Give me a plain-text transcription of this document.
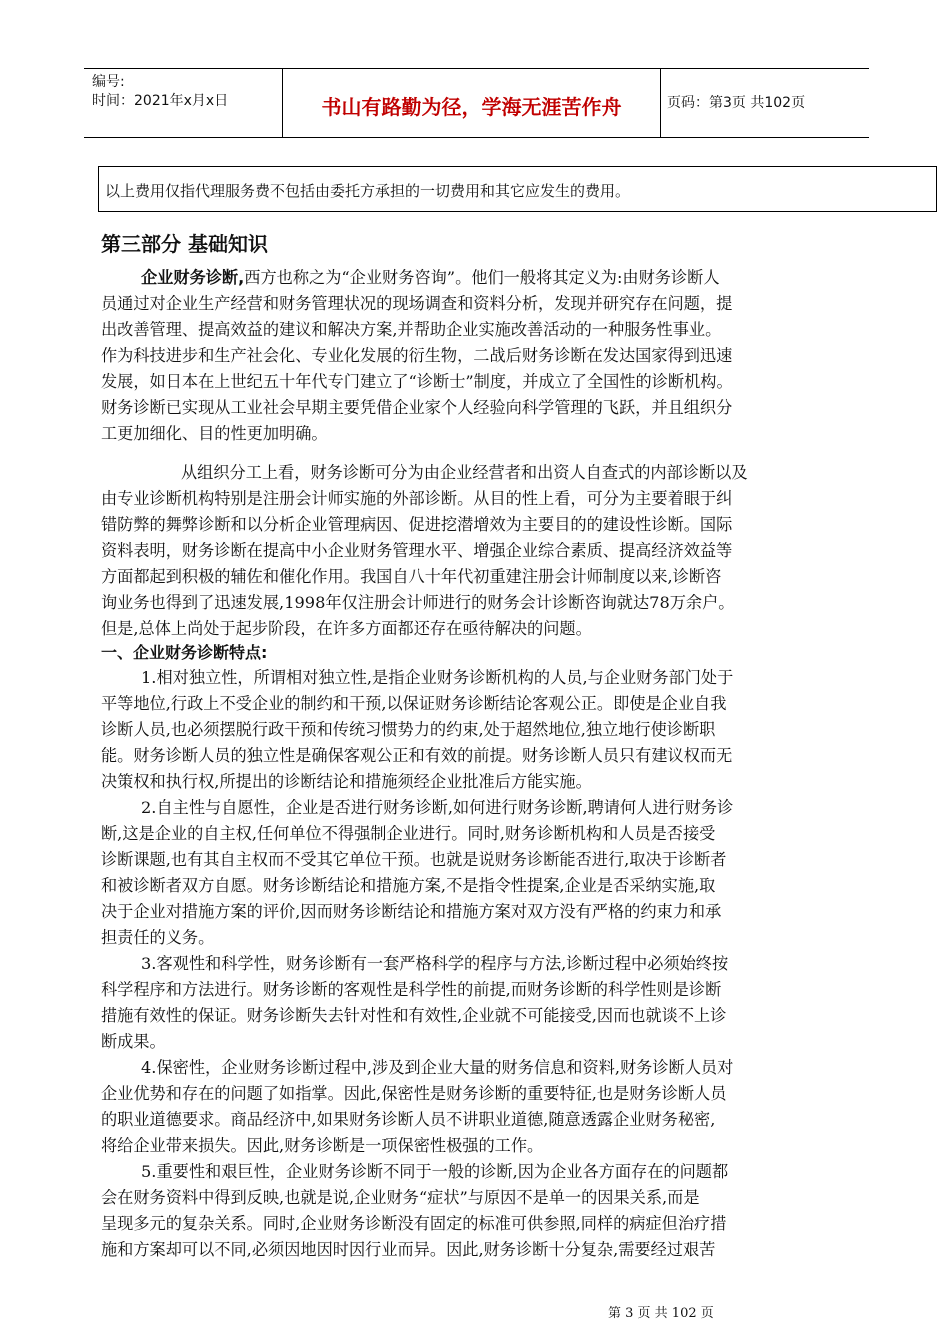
编号:
时间：2021年x月x日	书山有路勤为径，学海无涯苦作舟	页码：第3页 共102页
以上费用仅指代理服务费不包括由委托方承担的一切费用和其它应发生的费用。
第三部分 基础知识
企业财务诊断,西方也称之为“企业财务咨询”。他们一般将其定义为:由财务诊断人
员通过对企业生产经营和财务管理状况的现场调查和资料分析，发现并研究存在问题，提
出改善管理、提高效益的建议和解决方案,并帮助企业实施改善活动的一种服务性事业。
作为科技进步和生产社会化、专业化发展的衍生物，二战后财务诊断在发达国家得到迅速
发展，如日本在上世纪五十年代专门建立了“诊断士”制度，并成立了全国性的诊断机构。
财务诊断已实现从工业社会早期主要凭借企业家个人经验向科学管理的飞跃，并且组织分
工更加细化、目的性更加明确。
从组织分工上看，财务诊断可分为由企业经营者和出资人自查式的内部诊断以及
由专业诊断机构特别是注册会计师实施的外部诊断。从目的性上看，可分为主要着眼于纠
错防弊的舞弊诊断和以分析企业管理病因、促进挖潜增效为主要目的的建设性诊断。国际
资料表明，财务诊断在提高中小企业财务管理水平、增强企业综合素质、提高经济效益等
方面都起到积极的辅佐和催化作用。我国自八十年代初重建注册会计师制度以来,诊断咨
询业务也得到了迅速发展,1998年仅注册会计师进行的财务会计诊断咨询就达78万余户。
但是,总体上尚处于起步阶段，在许多方面都还存在亟待解决的问题。
一、企业财务诊断特点:
1.相对独立性，所谓相对独立性,是指企业财务诊断机构的人员,与企业财务部门处于
平等地位,行政上不受企业的制约和干预,以保证财务诊断结论客观公正。即使是企业自我
诊断人员,也必须摆脱行政干预和传统习惯势力的约束,处于超然地位,独立地行使诊断职
能。财务诊断人员的独立性是确保客观公正和有效的前提。财务诊断人员只有建议权而无
决策权和执行权,所提出的诊断结论和措施须经企业批准后方能实施。
2.自主性与自愿性，企业是否进行财务诊断,如何进行财务诊断,聘请何人进行财务诊
断,这是企业的自主权,任何单位不得强制企业进行。同时,财务诊断机构和人员是否接受
诊断课题,也有其自主权而不受其它单位干预。也就是说财务诊断能否进行,取决于诊断者
和被诊断者双方自愿。财务诊断结论和措施方案,不是指令性提案,企业是否采纳实施,取
决于企业对措施方案的评价,因而财务诊断结论和措施方案对双方没有严格的约束力和承
担责任的义务。
3.客观性和科学性，财务诊断有一套严格科学的程序与方法,诊断过程中必须始终按
科学程序和方法进行。财务诊断的客观性是科学性的前提,而财务诊断的科学性则是诊断
措施有效性的保证。财务诊断失去针对性和有效性,企业就不可能接受,因而也就谈不上诊
断成果。
4.保密性，企业财务诊断过程中,涉及到企业大量的财务信息和资料,财务诊断人员对
企业优势和存在的问题了如指掌。因此,保密性是财务诊断的重要特征,也是财务诊断人员
的职业道德要求。商品经济中,如果财务诊断人员不讲职业道德,随意透露企业财务秘密,
将给企业带来损失。因此,财务诊断是一项保密性极强的工作。
5.重要性和艰巨性，企业财务诊断不同于一般的诊断,因为企业各方面存在的问题都
会在财务资料中得到反映,也就是说,企业财务“症状”与原因不是单一的因果关系,而是
呈现多元的复杂关系。同时,企业财务诊断没有固定的标准可供参照,同样的病症但治疗措
施和方案却可以不同,必须因地因时因行业而异。因此,财务诊断十分复杂,需要经过艰苦
第 3 页 共 102 页
